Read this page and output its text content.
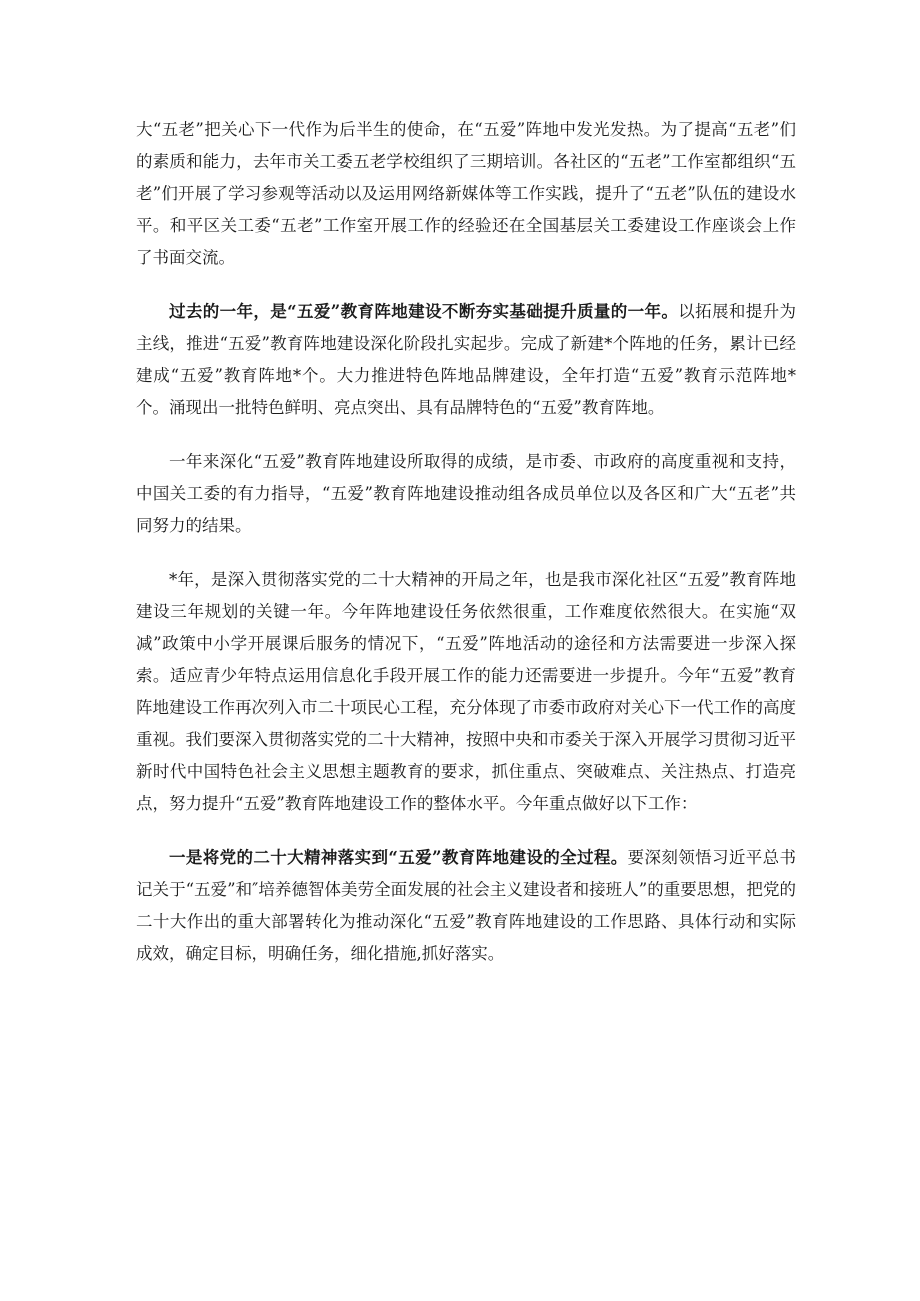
大“五老”把关心下一代作为后半生的使命，在“五爱”阵地中发光发热。为了提高“五老”们的素质和能力，去年市关工委五老学校组织了三期培训。各社区的“五老”工作室都组织“五老”们开展了学习参观等活动以及运用网络新媒体等工作实践，提升了“五老”队伍的建设水平。和平区关工委“五老”工作室开展工作的经验还在全国基层关工委建设工作座谈会上作了书面交流。

过去的一年，是“五爱”教育阵地建设不断夯实基础提升质量的一年。以拓展和提升为主线，推进“五爱”教育阵地建设深化阶段扎实起步。完成了新建*个阵地的任务，累计已经建成“五爱”教育阵地*个。大力推进特色阵地品牌建设，全年打造“五爱”教育示范阵地*个。涌现出一批特色鲜明、亮点突出、具有品牌特色的“五爱”教育阵地。

一年来深化“五爱”教育阵地建设所取得的成绩，是市委、市政府的高度重视和支持，中国关工委的有力指导，“五爱”教育阵地建设推动组各成员单位以及各区和广大“五老”共同努力的结果。

*年，是深入贯彻落实党的二十大精神的开局之年，也是我市深化社区“五爱”教育阵地建设三年规划的关键一年。今年阵地建设任务依然很重，工作难度依然很大。在实施“双减”政策中小学开展课后服务的情况下，“五爱”阵地活动的途径和方法需要进一步深入探索。适应青少年特点运用信息化手段开展工作的能力还需要进一步提升。今年“五爱”教育阵地建设工作再次列入市二十项民心工程，充分体现了市委市政府对关心下一代工作的高度重视。我们要深入贯彻落实党的二十大精神，按照中央和市委关于深入开展学习贯彻习近平新时代中国特色社会主义思想主题教育的要求，抓住重点、突破难点、关注热点、打造亮点，努力提升“五爱”教育阵地建设工作的整体水平。今年重点做好以下工作：

一是将党的二十大精神落实到“五爱”教育阵地建设的全过程。要深刻领悟习近平总书记关于“五爱”和″培养德智体美劳全面发展的社会主义建设者和接班人”的重要思想，把党的二十大作出的重大部署转化为推动深化“五爱”教育阵地建设的工作思路、具体行动和实际成效，确定目标，明确任务，细化措施,抓好落实。
